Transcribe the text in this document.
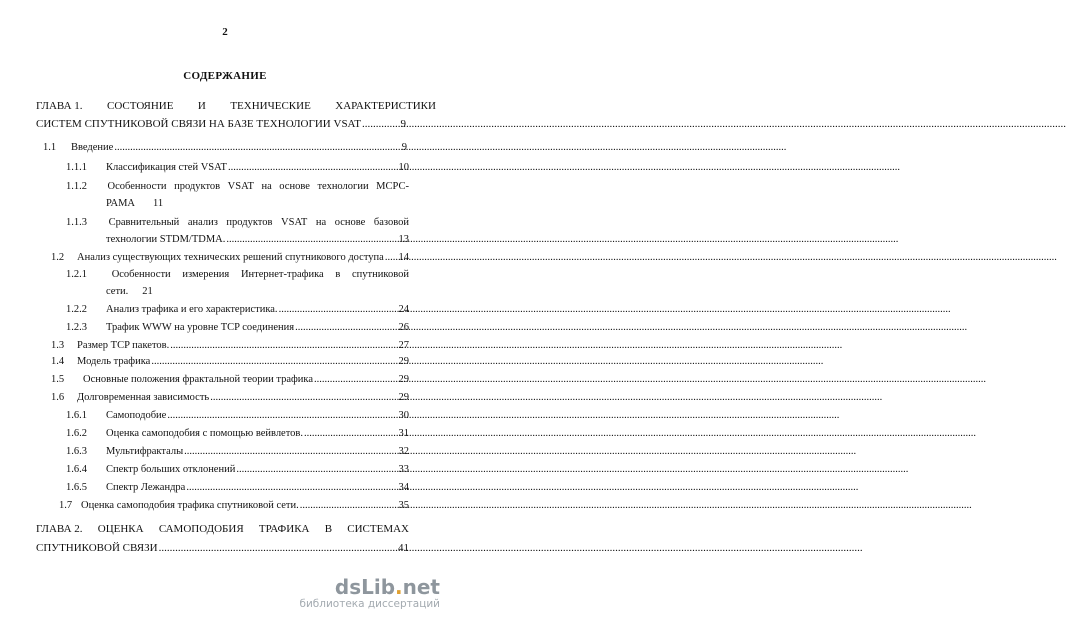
2
СОДЕРЖАНИЕ
ГЛАВА 1. СОСТОЯНИЕ И ТЕХНИЧЕСКИЕ ХАРАКТЕРИСТИКИ
СИСТЕМ СПУТНИКОВОЙ СВЯЗИ НА БАЗЕ ТЕХНОЛОГИИ VSAT .....	9
1.1 Введение .....	9
1.1.1 Классификация стей VSAT .....	10
1.1.2	Особенности продуктов VSAT на основе технологии МСРС-
РАМА 11
1.1.3	Сравнительный анализ продуктов VSAT на основе базовой
технологии STDM/TDMA. .....	13
1.2 Анализ существующих технических решений спутникового доступа ..... 14
1.2.1	Особенности измерения Интернет-трафика в спутниковой
сети. 21
1.2.2 Анализ трафика и его характеристика. .....	24
1.2.3 Трафик WWW на уровне TCP соединения .....	26
1.3 Размер TCP пакетов. .....	27
1.4 Модель трафика .....	29
1.5 Основные положения фрактальной теории трафика .....	29
1.6 Долговременная зависимость .....	29
1.6.1 Самоподобие .....	30
1.6.2 Оценка самоподобия с помощью вейвлетов. .....	31
1.6.3 Мультифракталы .....	32
1.6.4 Спектр больших отклонений .....	33
1.6.5 Спектр Лежандра .....	34
1.7 Оценка самоподобия трафика спутниковой сети. .....	35
ГЛАВА 2. ОЦЕНКА САМОПОДОБИЯ ТРАФИКА В СИСТЕМАХ
СПУТНИКОВОЙ СВЯЗИ .....	41
dsLib.net
библиотека диссертаций
